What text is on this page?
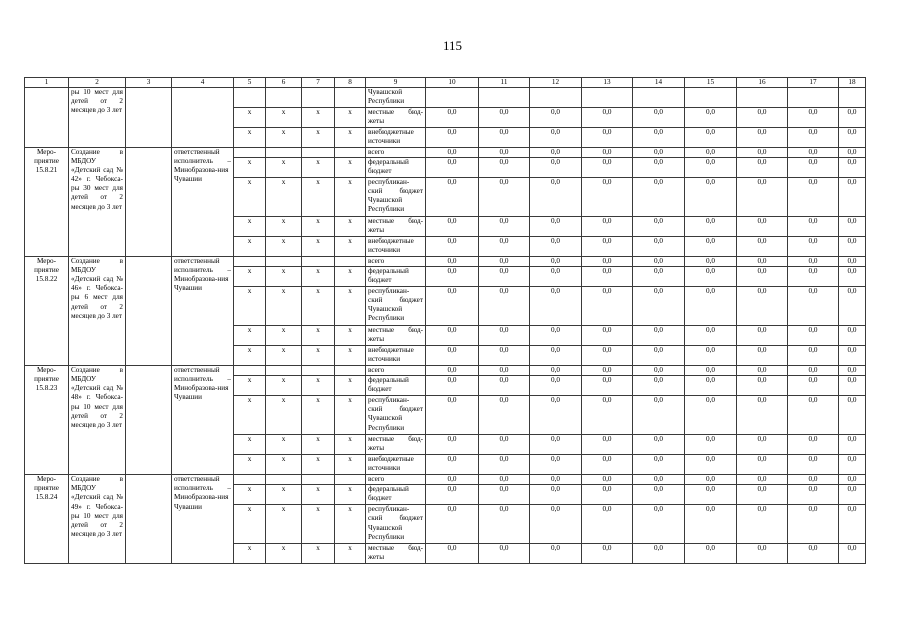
115
1	2	3	4	5	6	7	8	9	10	11	12	13	14	15	16	17	18
	ры 10 мест для детей от 2 месяцев до 3 лет							Чувашской Республики									
				х	х	х	х	местные бюд-жеты	0,0	0,0	0,0	0,0	0,0	0,0	0,0	0,0	0,0
				х	х	х	х	внебюджетные источники	0,0	0,0	0,0	0,0	0,0	0,0	0,0	0,0	0,0
Меро-приятие 15.8.21	Создание в МБДОУ «Детский сад № 42» г. Чебокса-ры 30 мест для детей от 2 месяцев до 3 лет		ответственный исполнитель – Минобразова-ния Чувашии					всего	0,0	0,0	0,0	0,0	0,0	0,0	0,0	0,0	0,0
				х	х	х	х	федеральный бюджет	0,0	0,0	0,0	0,0	0,0	0,0	0,0	0,0	0,0
				х	х	х	х	республикан-ский бюджет Чувашской Республики	0,0	0,0	0,0	0,0	0,0	0,0	0,0	0,0	0,0
				х	х	х	х	местные бюд-жеты	0,0	0,0	0,0	0,0	0,0	0,0	0,0	0,0	0,0
				х	х	х	х	внебюджетные источники	0,0	0,0	0,0	0,0	0,0	0,0	0,0	0,0	0,0
Меро-приятие 15.8.22	Создание в МБДОУ «Детский сад № 46» г. Чебокса-ры 6 мест для детей от 2 месяцев до 3 лет		ответственный исполнитель – Минобразова-ния Чувашии					всего	0,0	0,0	0,0	0,0	0,0	0,0	0,0	0,0	0,0
				х	х	х	х	федеральный бюджет	0,0	0,0	0,0	0,0	0,0	0,0	0,0	0,0	0,0
				х	х	х	х	республикан-ский бюджет Чувашской Республики	0,0	0,0	0,0	0,0	0,0	0,0	0,0	0,0	0,0
				х	х	х	х	местные бюд-жеты	0,0	0,0	0,0	0,0	0,0	0,0	0,0	0,0	0,0
				х	х	х	х	внебюджетные источники	0,0	0,0	0,0	0,0	0,0	0,0	0,0	0,0	0,0
Меро-приятие 15.8.23	Создание в МБДОУ «Детский сад № 48» г. Чебокса-ры 10 мест для детей от 2 месяцев до 3 лет		ответственный исполнитель – Минобразова-ния Чувашии					всего	0,0	0,0	0,0	0,0	0,0	0,0	0,0	0,0	0,0
				х	х	х	х	федеральный бюджет	0,0	0,0	0,0	0,0	0,0	0,0	0,0	0,0	0,0
				х	х	х	х	республикан-ский бюджет Чувашской Республики	0,0	0,0	0,0	0,0	0,0	0,0	0,0	0,0	0,0
				х	х	х	х	местные бюд-жеты	0,0	0,0	0,0	0,0	0,0	0,0	0,0	0,0	0,0
				х	х	х	х	внебюджетные источники	0,0	0,0	0,0	0,0	0,0	0,0	0,0	0,0	0,0
Меро-приятие 15.8.24	Создание в МБДОУ «Детский сад № 49» г. Чебокса-ры 10 мест для детей от 2 месяцев до 3 лет		ответственный исполнитель – Минобразова-ния Чувашии					всего	0,0	0,0	0,0	0,0	0,0	0,0	0,0	0,0	0,0
				х	х	х	х	федеральный бюджет	0,0	0,0	0,0	0,0	0,0	0,0	0,0	0,0	0,0
				х	х	х	х	республикан-ский бюджет Чувашской Республики	0,0	0,0	0,0	0,0	0,0	0,0	0,0	0,0	0,0
				х	х	х	х	местные бюд-жеты	0,0	0,0	0,0	0,0	0,0	0,0	0,0	0,0	0,0
